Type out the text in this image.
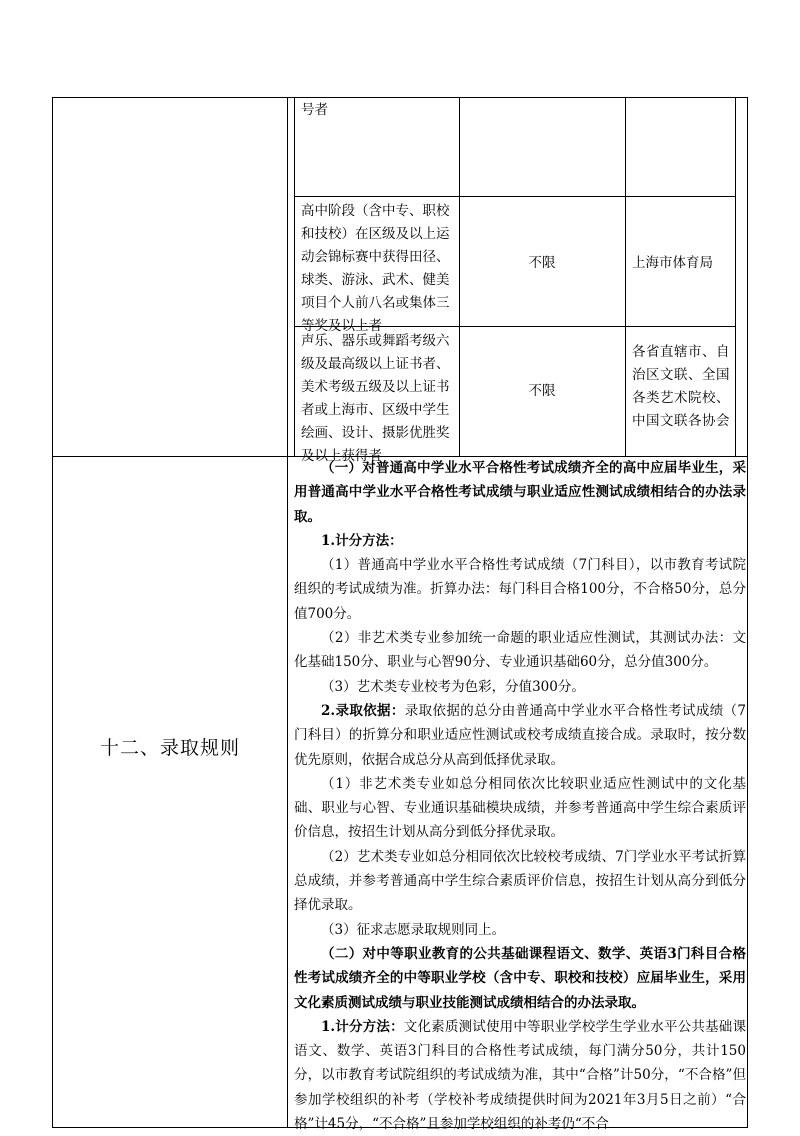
号者
高中阶段（含中专、职校和技校）在区级及以上运动会锦标赛中获得田径、球类、游泳、武术、健美项目个人前八名或集体三等奖及以上者
不限	上海市体育局
声乐、器乐或舞蹈考级六级及最高级以上证书者、美术考级五级及以上证书者或上海市、区级中学生绘画、设计、摄影优胜奖及以上获得者
不限
各省直辖市、自治区文联、全国各类艺术院校、中国文联各协会
十二、录取规则

（一）对普通高中学业水平合格性考试成绩齐全的高中应届毕业生，采用普通高中学业水平合格性考试成绩与职业适应性测试成绩相结合的办法录取。

1.计分方法：

（1）普通高中学业水平合格性考试成绩（7门科目），以市教育考试院组织的考试成绩为准。折算办法：每门科目合格100分，不合格50分，总分值700分。

（2）非艺术类专业参加统一命题的职业适应性测试，其测试办法：文化基础150分、职业与心智90分、专业通识基础60分，总分值300分。

（3）艺术类专业校考为色彩，分值300分。

2.录取依据：录取依据的总分由普通高中学业水平合格性考试成绩（7门科目）的折算分和职业适应性测试或校考成绩直接合成。录取时，按分数优先原则，依据合成总分从高到低择优录取。

（1）非艺术类专业如总分相同依次比较职业适应性测试中的文化基础、职业与心智、专业通识基础模块成绩，并参考普通高中学生综合素质评价信息，按招生计划从高分到低分择优录取。

（2）艺术类专业如总分相同依次比较校考成绩、7门学业水平考试折算总成绩，并参考普通高中学生综合素质评价信息，按招生计划从高分到低分择优录取。

（3）征求志愿录取规则同上。

（二）对中等职业教育的公共基础课程语文、数学、英语3门科目合格性考试成绩齐全的中等职业学校（含中专、职校和技校）应届毕业生，采用文化素质测试成绩与职业技能测试成绩相结合的办法录取。

1.计分方法：文化素质测试使用中等职业学校学生学业水平公共基础课语文、数学、英语3门科目的合格性考试成绩，每门满分50分，共计150分，以市教育考试院组织的考试成绩为准，其中“合格”计50分，“不合格”但参加学校组织的补考（学校补考成绩提供时间为2021年3月5日之前）“合格”计45分，“不合格”且参加学校组织的补考仍“不合
